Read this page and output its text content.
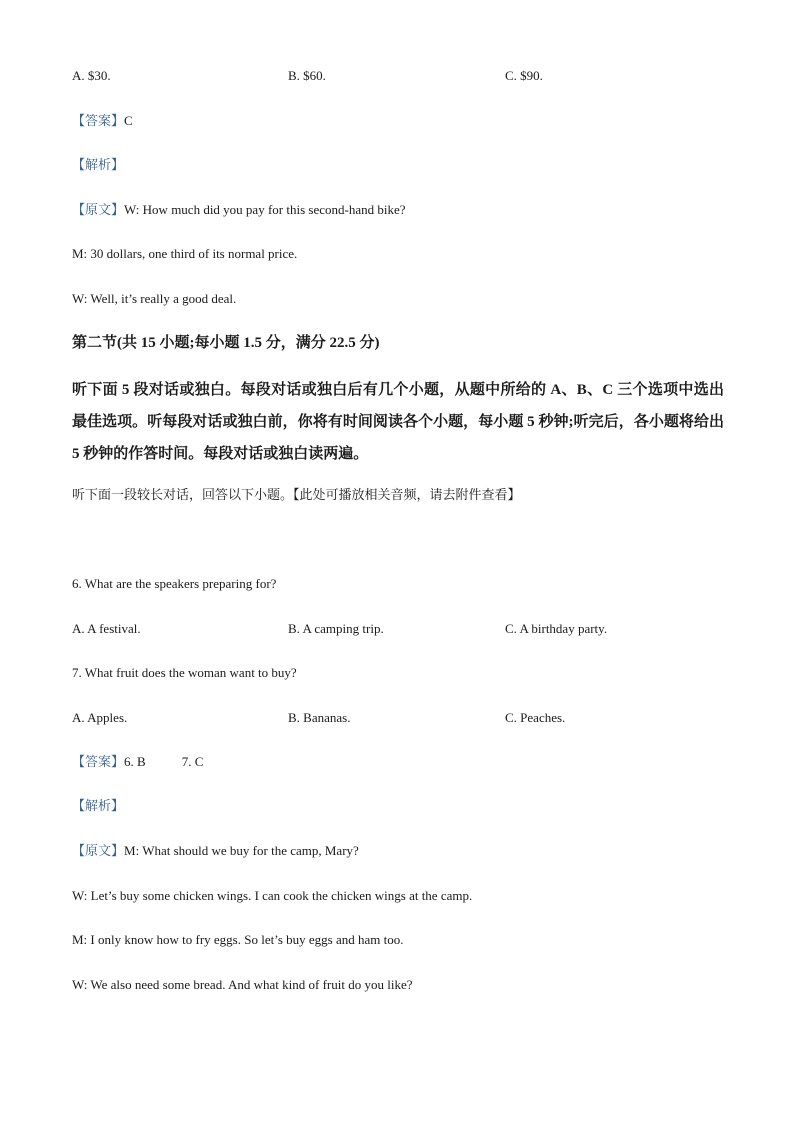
A. $30.	B. $60.	C. $90.
【答案】C
【解析】
【原文】W: How much did you pay for this second-hand bike?
M: 30 dollars, one third of its normal price.
W: Well, it’s really a good deal.
第二节(共 15 小题;每小题 1.5 分，满分 22.5 分)
听下面 5 段对话或独白。每段对话或独白后有几个小题，从题中所给的 A、B、C 三个选项中选出最佳选项。听每段对话或独白前，你将有时间阅读各个小题，每小题 5 秒钟;听完后，各小题将给出 5 秒钟的作答时间。每段对话或独白读两遍。
听下面一段较长对话，回答以下小题。【此处可播放相关音频，请去附件查看】
6. What are the speakers preparing for?
A. A festival.	B. A camping trip.	C. A birthday party.
7. What fruit does the woman want to buy?
A. Apples.	B. Bananas.	C. Peaches.
【答案】6. B	7. C
【解析】
【原文】M: What should we buy for the camp, Mary?
W: Let’s buy some chicken wings. I can cook the chicken wings at the camp.
M: I only know how to fry eggs. So let’s buy eggs and ham too.
W: We also need some bread. And what kind of fruit do you like?
